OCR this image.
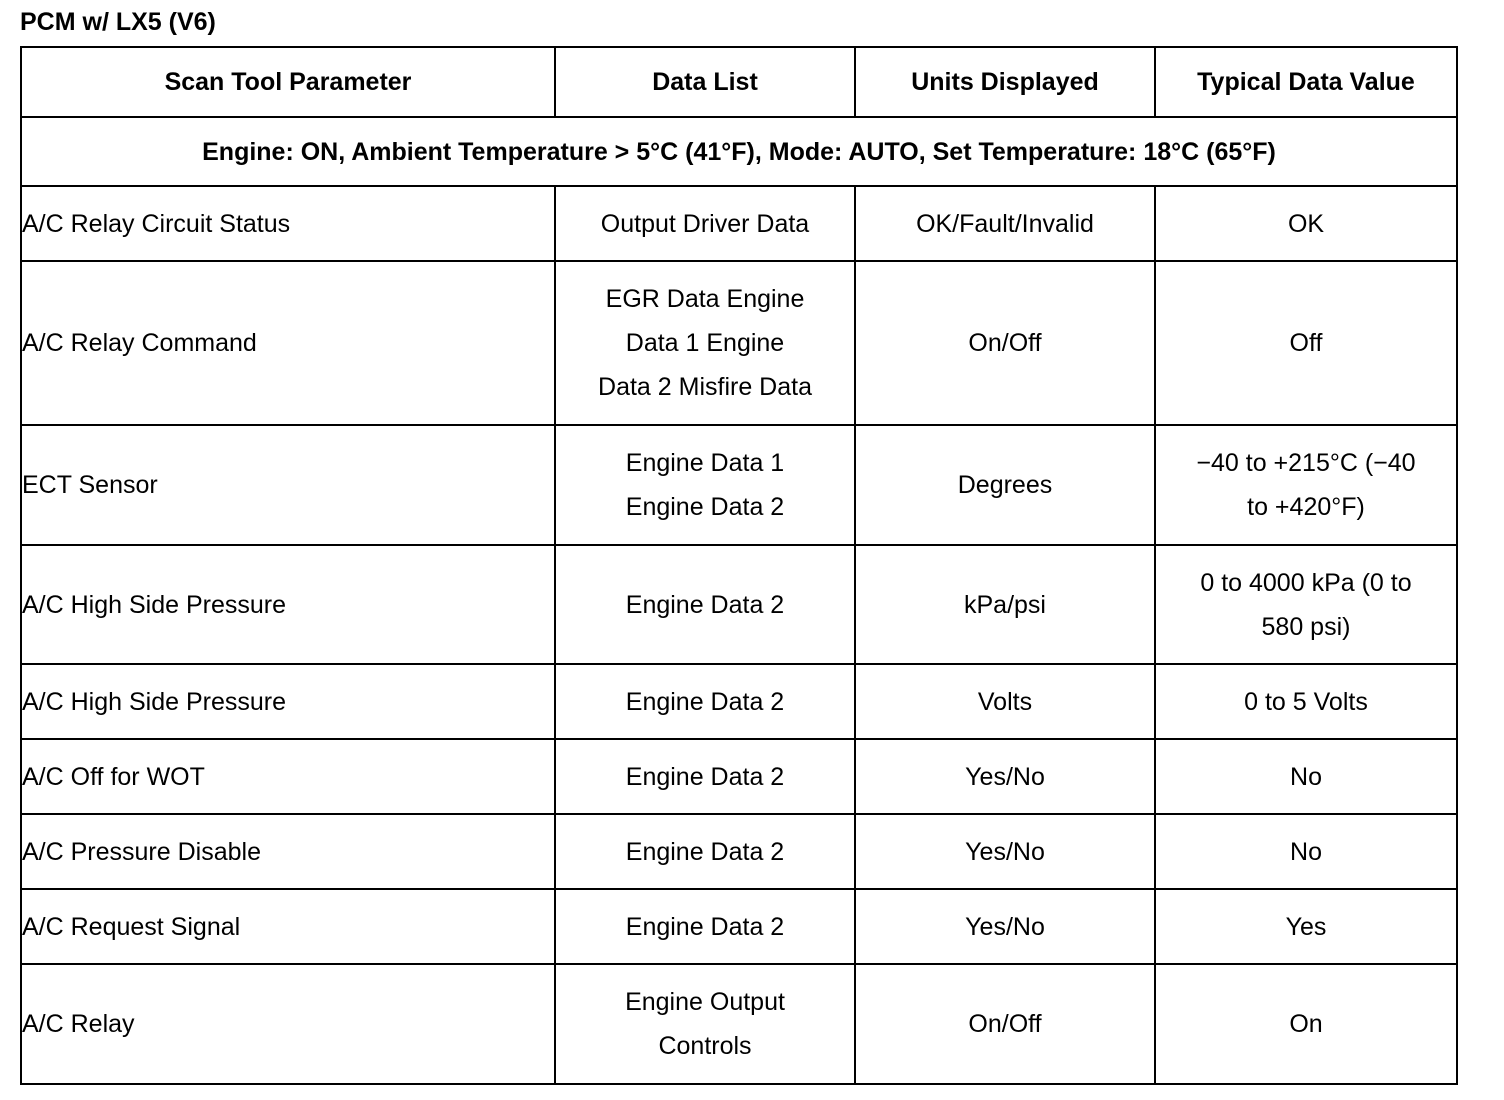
PCM w/ LX5 (V6)
Scan Tool Parameter	Data List	Units Displayed	Typical Data Value
Engine: ON, Ambient Temperature > 5°C (41°F), Mode: AUTO, Set Temperature: 18°C (65°F)			

A/C Relay Circuit Status	Output Driver Data	OK/Fault/Invalid	OK

A/C Relay Command	EGR Data Engine
Data 1 Engine
Data 2 Misfire Data	On/Off	Off

ECT Sensor	Engine Data 1
Engine Data 2	Degrees	−40 to +215°C (−40
to +420°F)

A/C High Side Pressure	Engine Data 2	kPa/psi	0 to 4000 kPa (0 to
580 psi)

A/C High Side Pressure	Engine Data 2	Volts	0 to 5 Volts

A/C Off for WOT	Engine Data 2	Yes/No	No

A/C Pressure Disable	Engine Data 2	Yes/No	No

A/C Request Signal	Engine Data 2	Yes/No	Yes

A/C Relay	Engine Output
Controls	On/Off	On
